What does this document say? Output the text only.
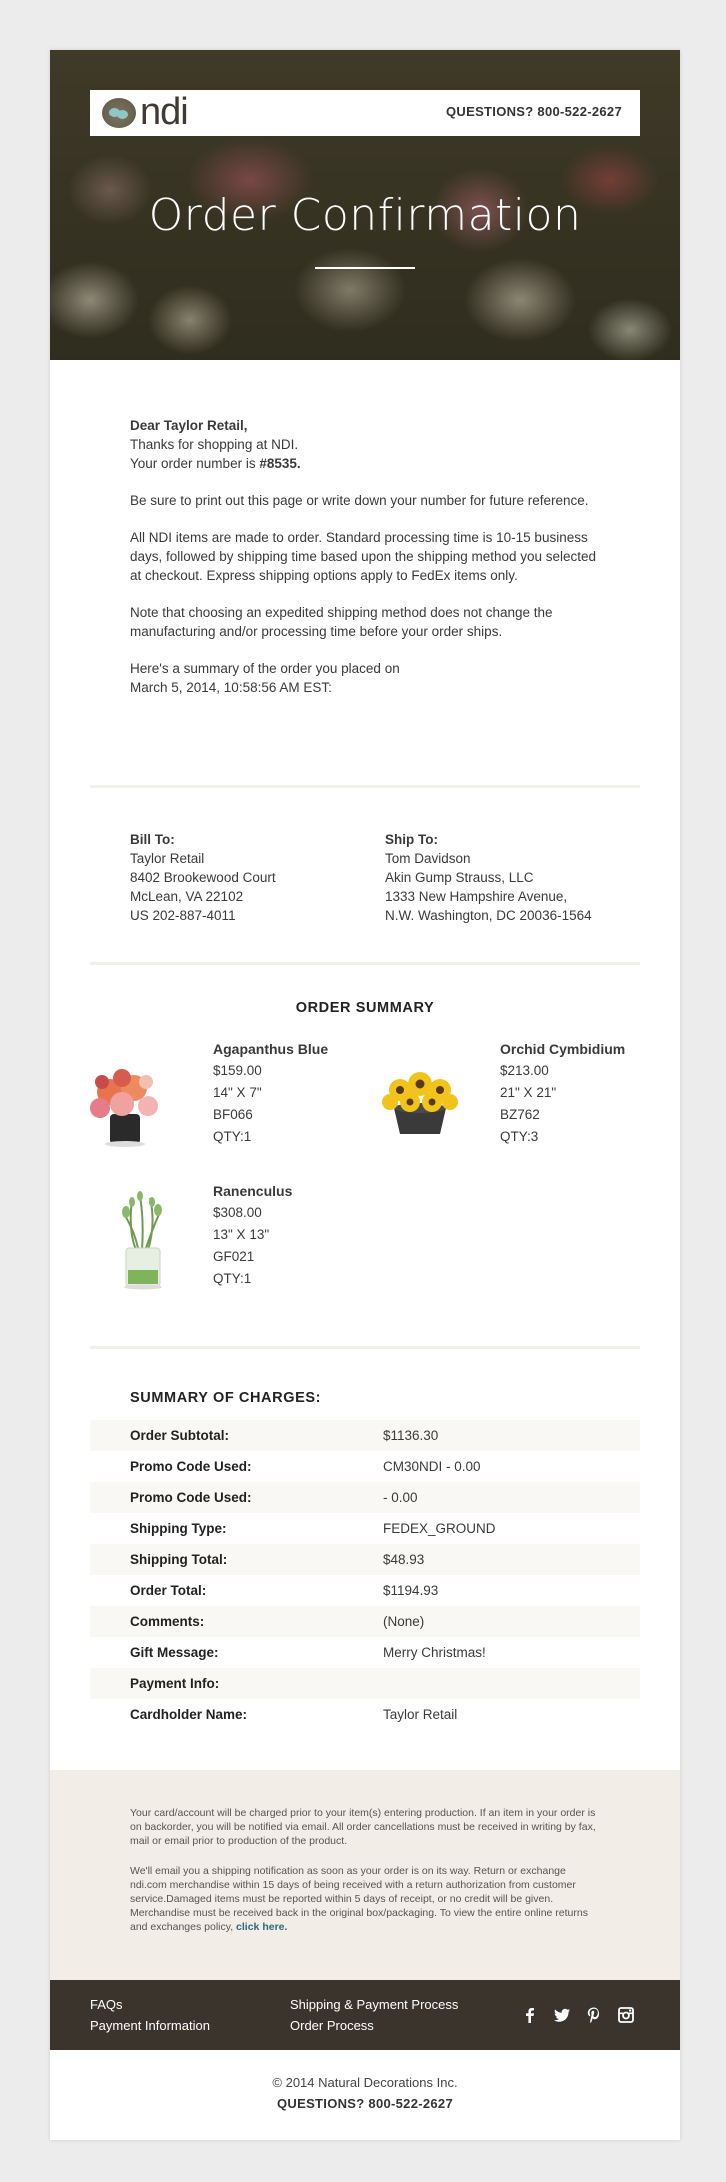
ndi	QUESTIONS? 800-522-2627
Order Confirmation

Dear Taylor Retail,
Thanks for shopping at NDI.
Your order number is #8535.

Be sure to print out this page or write down your number for future reference.

All NDI items are made to order. Standard processing time is 10-15 business days, followed by shipping time based upon the shipping method you selected at checkout. Express shipping options apply to FedEx items only.

Note that choosing an expedited shipping method does not change the manufacturing and/or processing time before your order ships.

Here's a summary of the order you placed on
March 5, 2014, 10:58:56 AM EST:

Bill To:
Taylor Retail
8402 Brookewood Court
McLean, VA 22102
US 202-887-4011
Ship To:
Tom Davidson
Akin Gump Strauss, LLC
1333 New Hampshire Avenue,
N.W. Washington, DC 20036-1564
ORDER SUMMARY
Agapanthus Blue
$159.00
14" X 7"
BF066
QTY:1
Orchid Cymbidium
$213.00
21" X 21"
BZ762
QTY:3
Ranenculus
$308.00
13" X 13"
GF021
QTY:1
SUMMARY OF CHARGES:
Order Subtotal:	$1136.30
Promo Code Used:	CM30NDI - 0.00
Promo Code Used:	- 0.00
Shipping Type:	FEDEX_GROUND
Shipping Total:	$48.93
Order Total:	$1194.93
Comments:	(None)
Gift Message:	Merry Christmas!
Payment Info:
Cardholder Name:	Taylor Retail

Your card/account will be charged prior to your item(s) entering production. If an item in your order is on backorder, you will be notified via email. All order cancellations must be received in writing by fax, mail or email prior to production of the product.

We'll email you a shipping notification as soon as your order is on its way. Return or exchange ndi.com merchandise within 15 days of being received with a return authorization from customer service.Damaged items must be reported within 5 days of receipt, or no credit will be given. Merchandise must be received back in the original box/packaging. To view the entire online returns and exchanges policy, click here.

FAQs
Payment Information
Shipping & Payment Process
Order Process
© 2014 Natural Decorations Inc.
QUESTIONS? 800-522-2627
